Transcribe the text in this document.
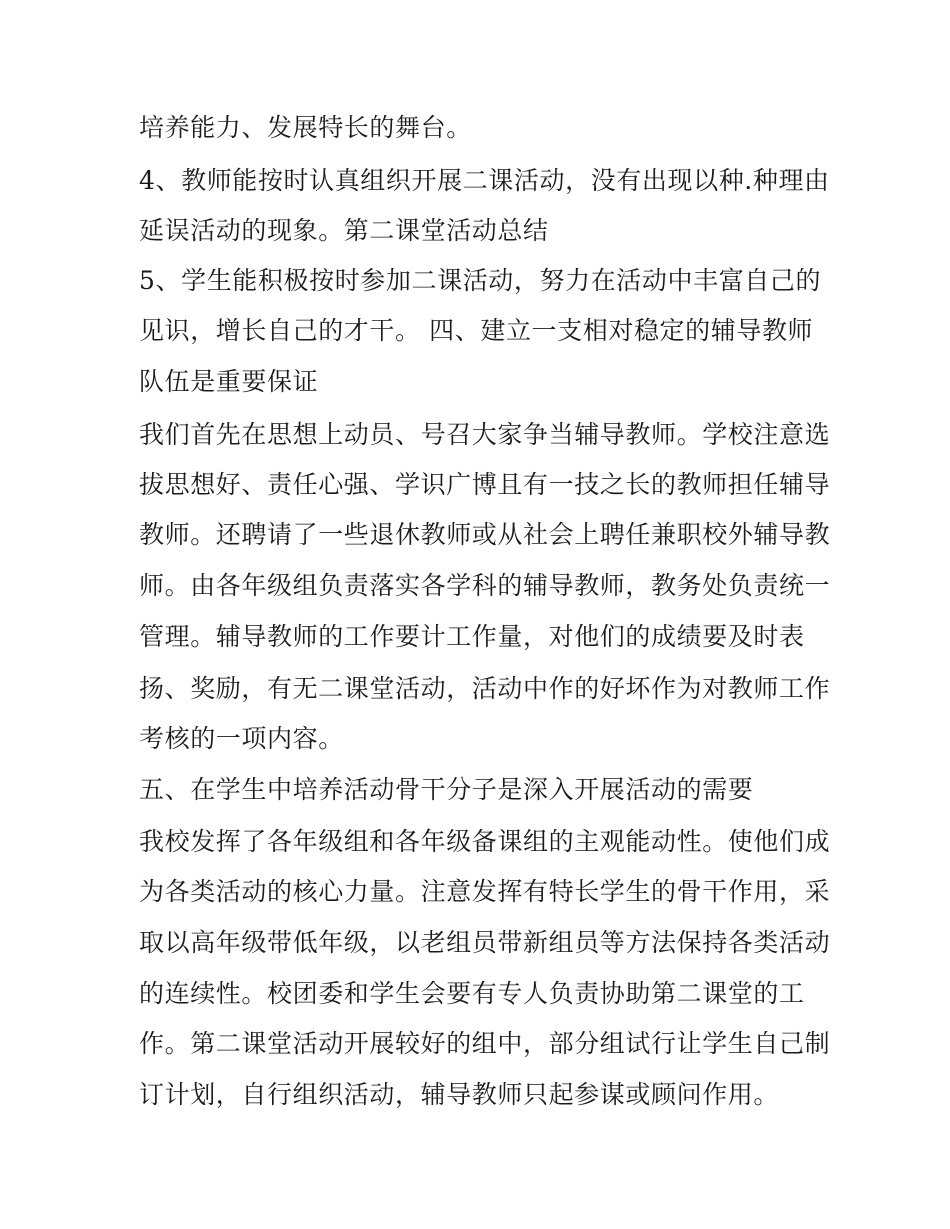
培养能力、发展特长的舞台。
4、教师能按时认真组织开展二课活动，没有出现以种.种理由
延误活动的现象。第二课堂活动总结
5、学生能积极按时参加二课活动，努力在活动中丰富自己的
见识，增长自己的才干。 四、建立一支相对稳定的辅导教师
队伍是重要保证
我们首先在思想上动员、号召大家争当辅导教师。学校注意选
拔思想好、责任心强、学识广博且有一技之长的教师担任辅导
教师。还聘请了一些退休教师或从社会上聘任兼职校外辅导教
师。由各年级组负责落实各学科的辅导教师，教务处负责统一
管理。辅导教师的工作要计工作量，对他们的成绩要及时表
扬、奖励，有无二课堂活动，活动中作的好坏作为对教师工作
考核的一项内容。
五、在学生中培养活动骨干分子是深入开展活动的需要
我校发挥了各年级组和各年级备课组的主观能动性。使他们成
为各类活动的核心力量。注意发挥有特长学生的骨干作用，采
取以高年级带低年级，以老组员带新组员等方法保持各类活动
的连续性。校团委和学生会要有专人负责协助第二课堂的工
作。第二课堂活动开展较好的组中，部分组试行让学生自己制
订计划，自行组织活动，辅导教师只起参谋或顾问作用。
